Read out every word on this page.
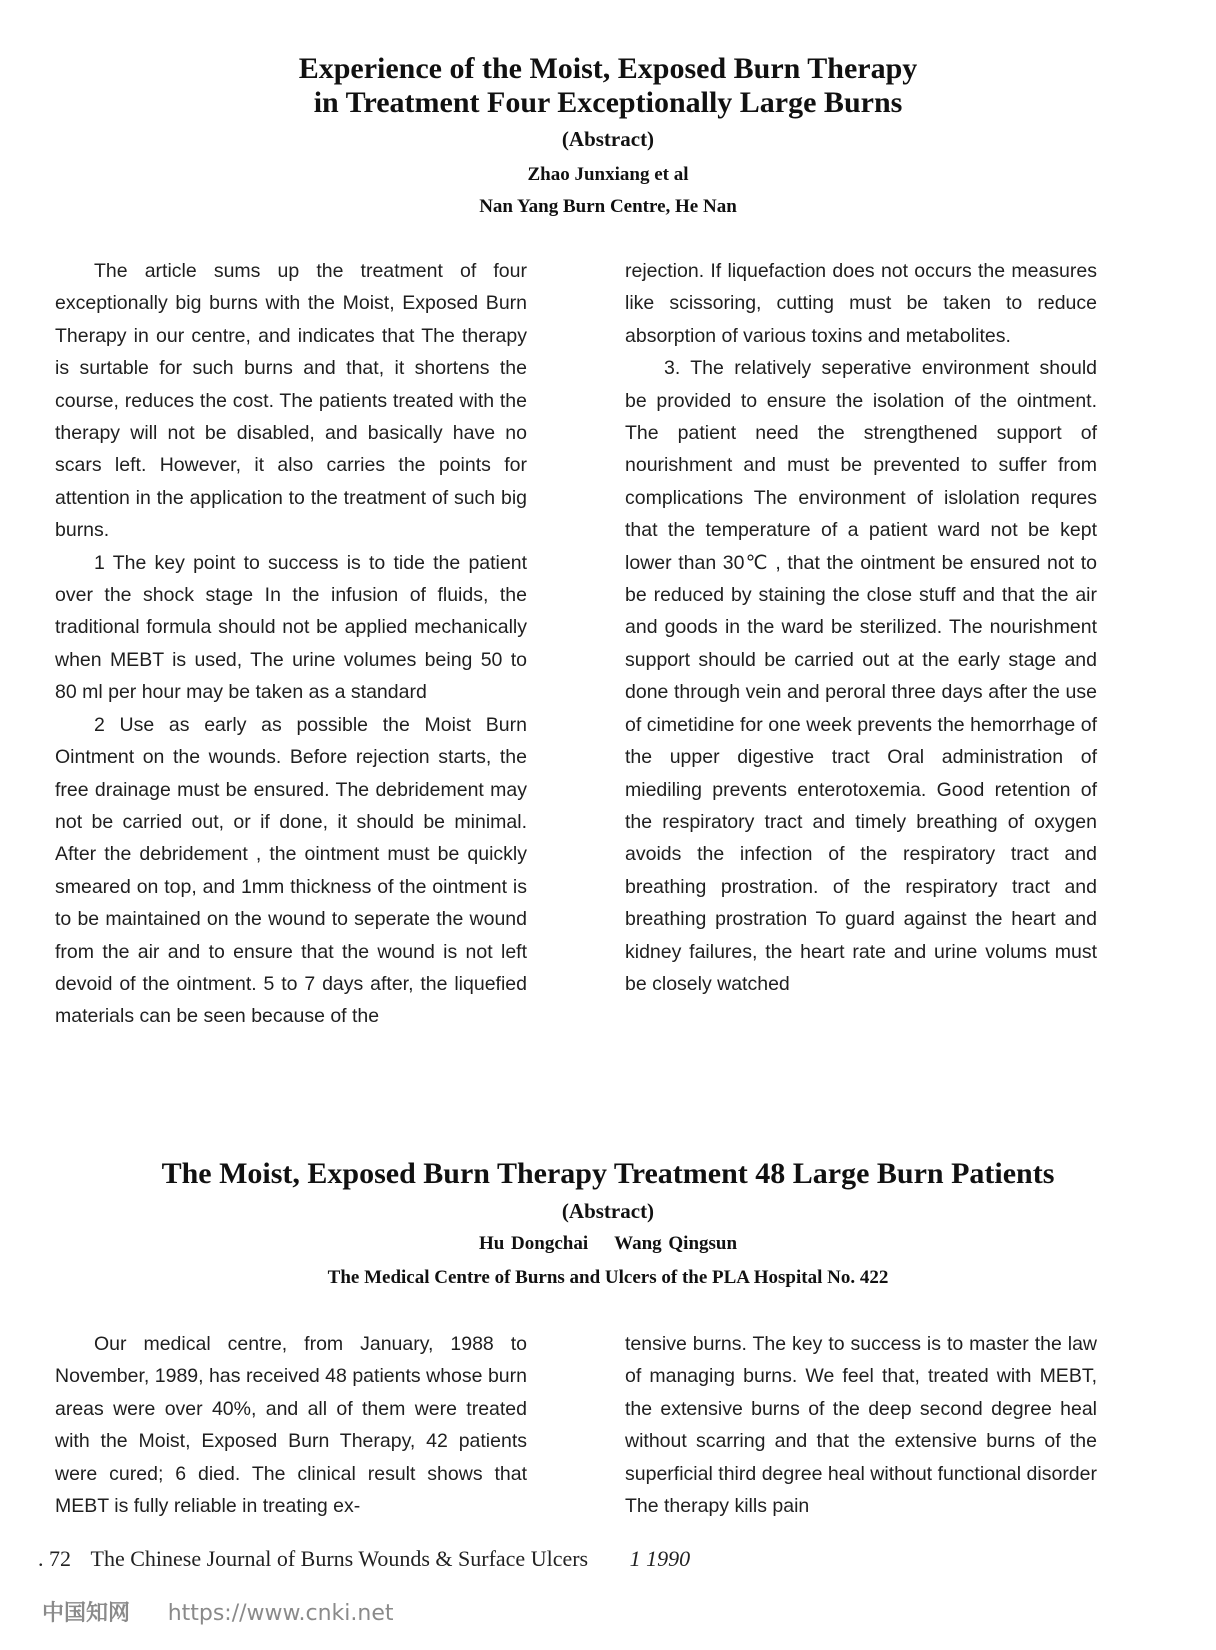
Experience of the Moist, Exposed Burn Therapy
in Treatment Four Exceptionally Large Burns
(Abstract)
Zhao Junxiang et al
Nan Yang Burn Centre, He Nan

The article sums up the treatment of four exceptionally big burns with the Moist, Exposed Burn Therapy in our centre, and indicates that The therapy is surtable for such burns and that, it shortens the course, reduces the cost. The patients treated with the therapy will not be disabled, and basically have no scars left. However, it also carries the points for attention in the application to the treatment of such big burns.

1 The key point to success is to tide the patient over the shock stage In the infusion of fluids, the traditional formula should not be applied mechanically when MEBT is used, The urine volumes being 50 to 80 ml per hour may be taken as a standard

2 Use as early as possible the Moist Burn Ointment on the wounds. Before rejection starts, the free drainage must be ensured. The debridement may not be carried out, or if done, it should be minimal. After the debridement , the ointment must be quickly smeared on top, and 1mm thickness of the ointment is to be maintained on the wound to seperate the wound from the air and to ensure that the wound is not left devoid of the ointment. 5 to 7 days after, the liquefied materials can be seen because of the

rejection. If liquefaction does not occurs the measures like scissoring, cutting must be taken to reduce absorption of various toxins and metabolites.

3. The relatively seperative environment should be provided to ensure the isolation of the ointment. The patient need the strengthened support of nourishment and must be prevented to suffer from complications The environment of islolation requres that the temperature of a patient ward not be kept lower than 30℃ , that the ointment be ensured not to be reduced by staining the close stuff and that the air and goods in the ward be sterilized. The nourishment support should be carried out at the early stage and done through vein and peroral three days after the use of cimetidine for one week prevents the hemorrhage of the upper digestive tract Oral administration of miediling prevents enterotoxemia. Good retention of the respiratory tract and timely breathing of oxygen avoids the infection of the respiratory tract and breathing prostration. of the respiratory tract and breathing prostration To guard against the heart and kidney failures, the heart rate and urine volums must be closely watched

The Moist, Exposed Burn Therapy Treatment 48 Large Burn Patients
(Abstract)
Hu Dongchai Wang Qingsun
The Medical Centre of Burns and Ulcers of the PLA Hospital No. 422

Our medical centre, from January, 1988 to November, 1989, has received 48 patients whose burn areas were over 40%, and all of them were treated with the Moist, Exposed Burn Therapy, 42 patients were cured; 6 died. The clinical result shows that MEBT is fully reliable in treating ex-

tensive burns. The key to success is to master the law of managing burns. We feel that, treated with MEBT, the extensive burns of the deep second degree heal without scarring and that the extensive burns of the superficial third degree heal without functional disorder The therapy kills pain

. 72 The Chinese Journal of Burns Wounds & Surface Ulcers 1 1990
中国知网 https://www.cnki.net
